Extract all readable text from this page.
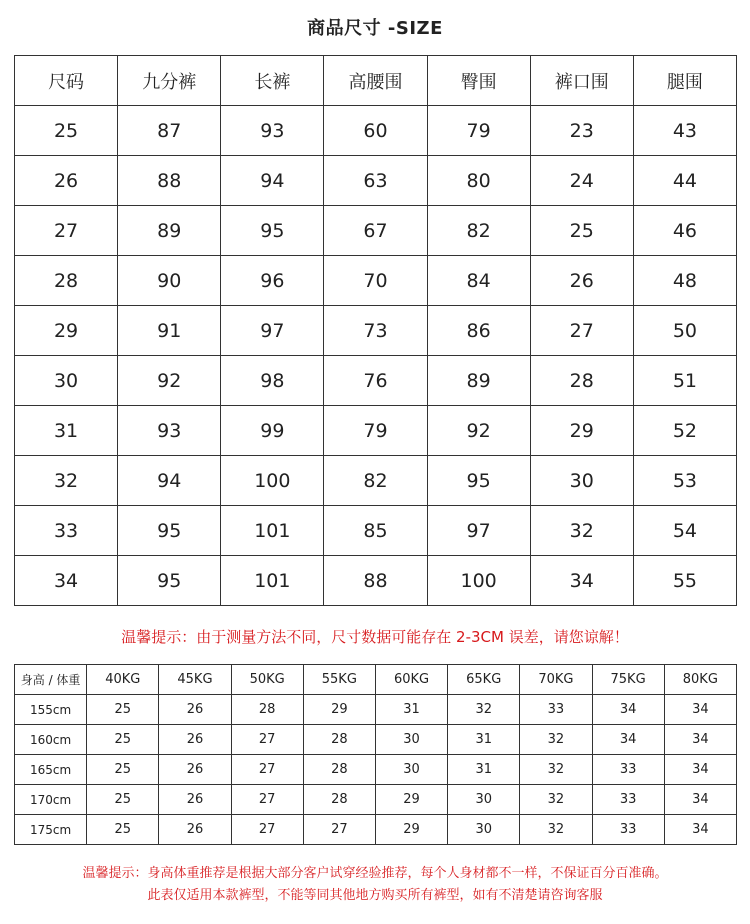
商品尺寸 -SIZE
尺码	九分裤	长裤	高腰围	臀围	裤口围	腿围
25	87	93	60	79	23	43
26	88	94	63	80	24	44
27	89	95	67	82	25	46
28	90	96	70	84	26	48
29	91	97	73	86	27	50
30	92	98	76	89	28	51
31	93	99	79	92	29	52
32	94	100	82	95	30	53
33	95	101	85	97	32	54
34	95	101	88	100	34	55
温馨提示：由于测量方法不同，尺寸数据可能存在 2-3CM 误差，请您谅解！
身高 / 体重	40KG	45KG	50KG	55KG	60KG	65KG	70KG	75KG	80KG
155cm	25	26	28	29	31	32	33	34	34
160cm	25	26	27	28	30	31	32	34	34
165cm	25	26	27	28	30	31	32	33	34
170cm	25	26	27	28	29	30	32	33	34
175cm	25	26	27	27	29	30	32	33	34
温馨提示：身高体重推荐是根据大部分客户试穿经验推荐，每个人身材都不一样，不保证百分百准确。
此表仅适用本款裤型，不能等同其他地方购买所有裤型，如有不清楚请咨询客服
